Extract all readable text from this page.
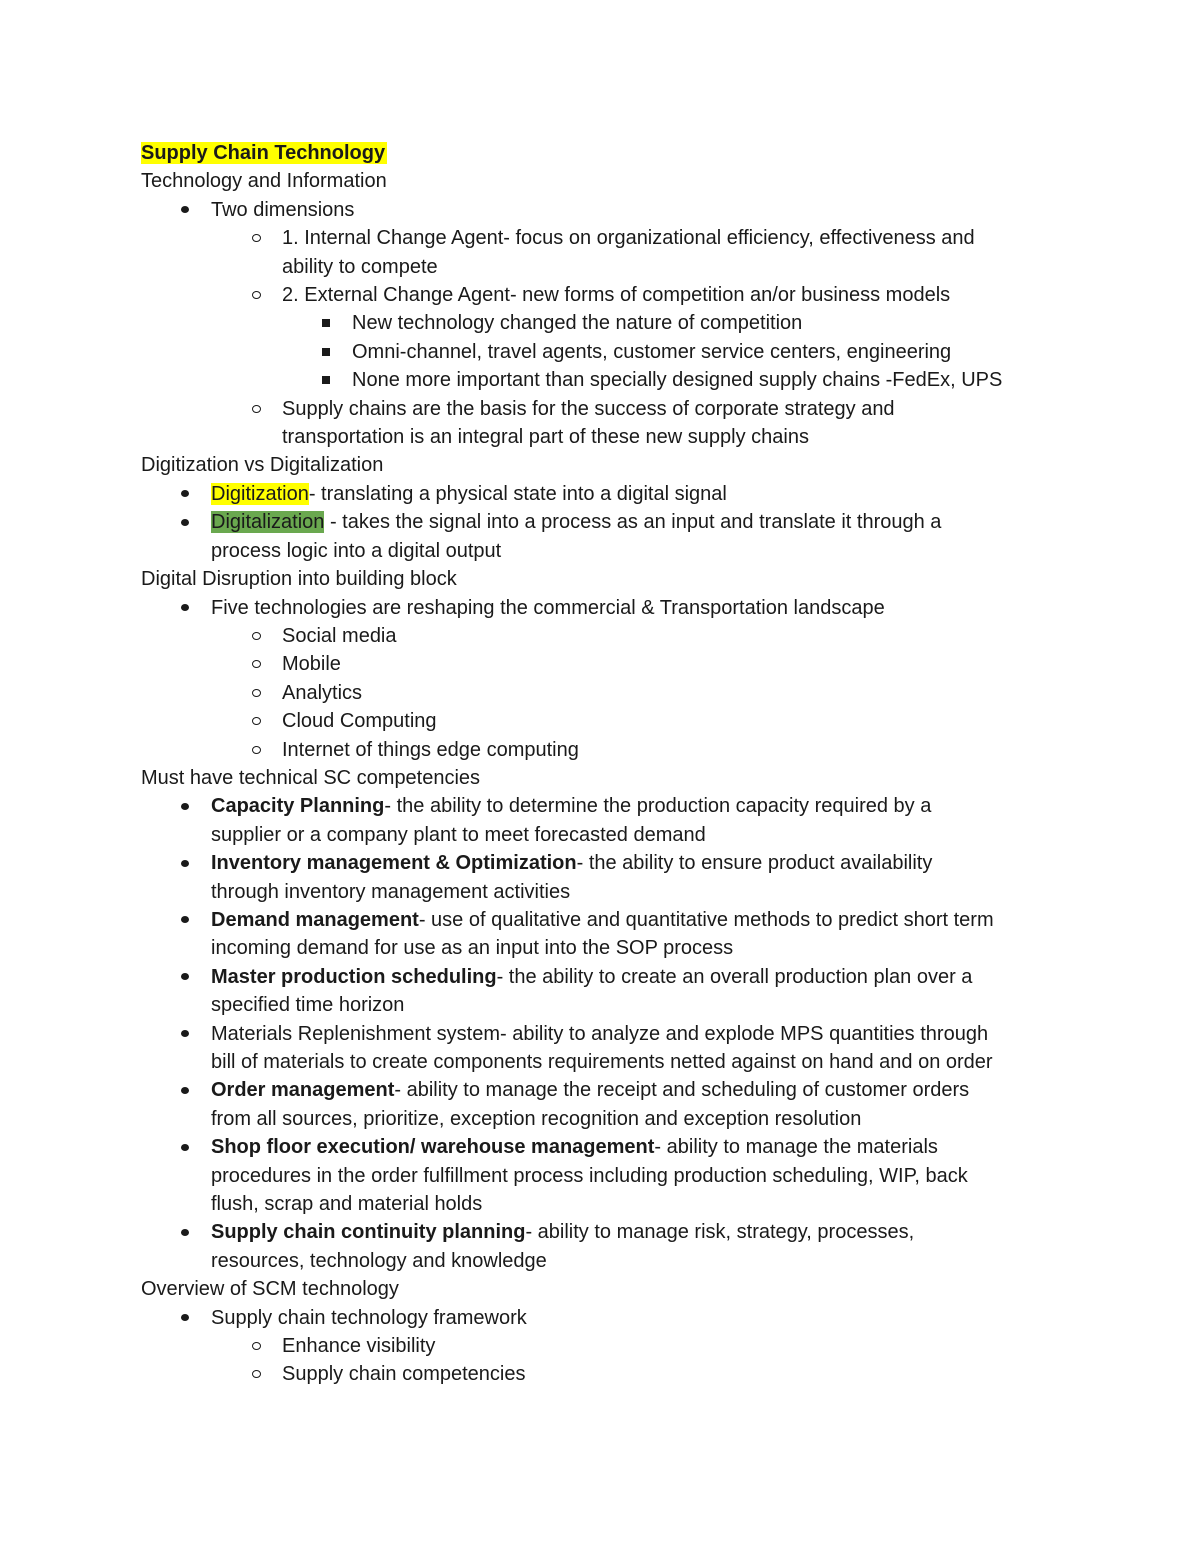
Supply Chain Technology
Technology and Information
Two dimensions
1. Internal Change Agent- focus on organizational efficiency, effectiveness and
ability to compete
2. External Change Agent- new forms of competition an/or business models
New technology changed the nature of competition
Omni-channel, travel agents, customer service centers, engineering
None more important than specially designed supply chains -FedEx, UPS
Supply chains are the basis for the success of corporate strategy and
transportation is an integral part of these new supply chains
Digitization vs Digitalization
Digitization- translating a physical state into a digital signal
Digitalization - takes the signal into a process as an input and translate it through a
process logic into a digital output
Digital Disruption into building block
Five technologies are reshaping the commercial & Transportation landscape
Social media
Mobile
Analytics
Cloud Computing
Internet of things edge computing
Must have technical SC competencies
Capacity Planning- the ability to determine the production capacity required by a
supplier or a company plant to meet forecasted demand
Inventory management & Optimization- the ability to ensure product availability
through inventory management activities
Demand management- use of qualitative and quantitative methods to predict short term
incoming demand for use as an input into the SOP process
Master production scheduling- the ability to create an overall production plan over a
specified time horizon
Materials Replenishment system- ability to analyze and explode MPS quantities through
bill of materials to create components requirements netted against on hand and on order
Order management- ability to manage the receipt and scheduling of customer orders
from all sources, prioritize, exception recognition and exception resolution
Shop floor execution/ warehouse management- ability to manage the materials
procedures in the order fulfillment process including production scheduling, WIP, back
flush, scrap and material holds
Supply chain continuity planning- ability to manage risk, strategy, processes,
resources, technology and knowledge
Overview of SCM technology
Supply chain technology framework
Enhance visibility
Supply chain competencies
